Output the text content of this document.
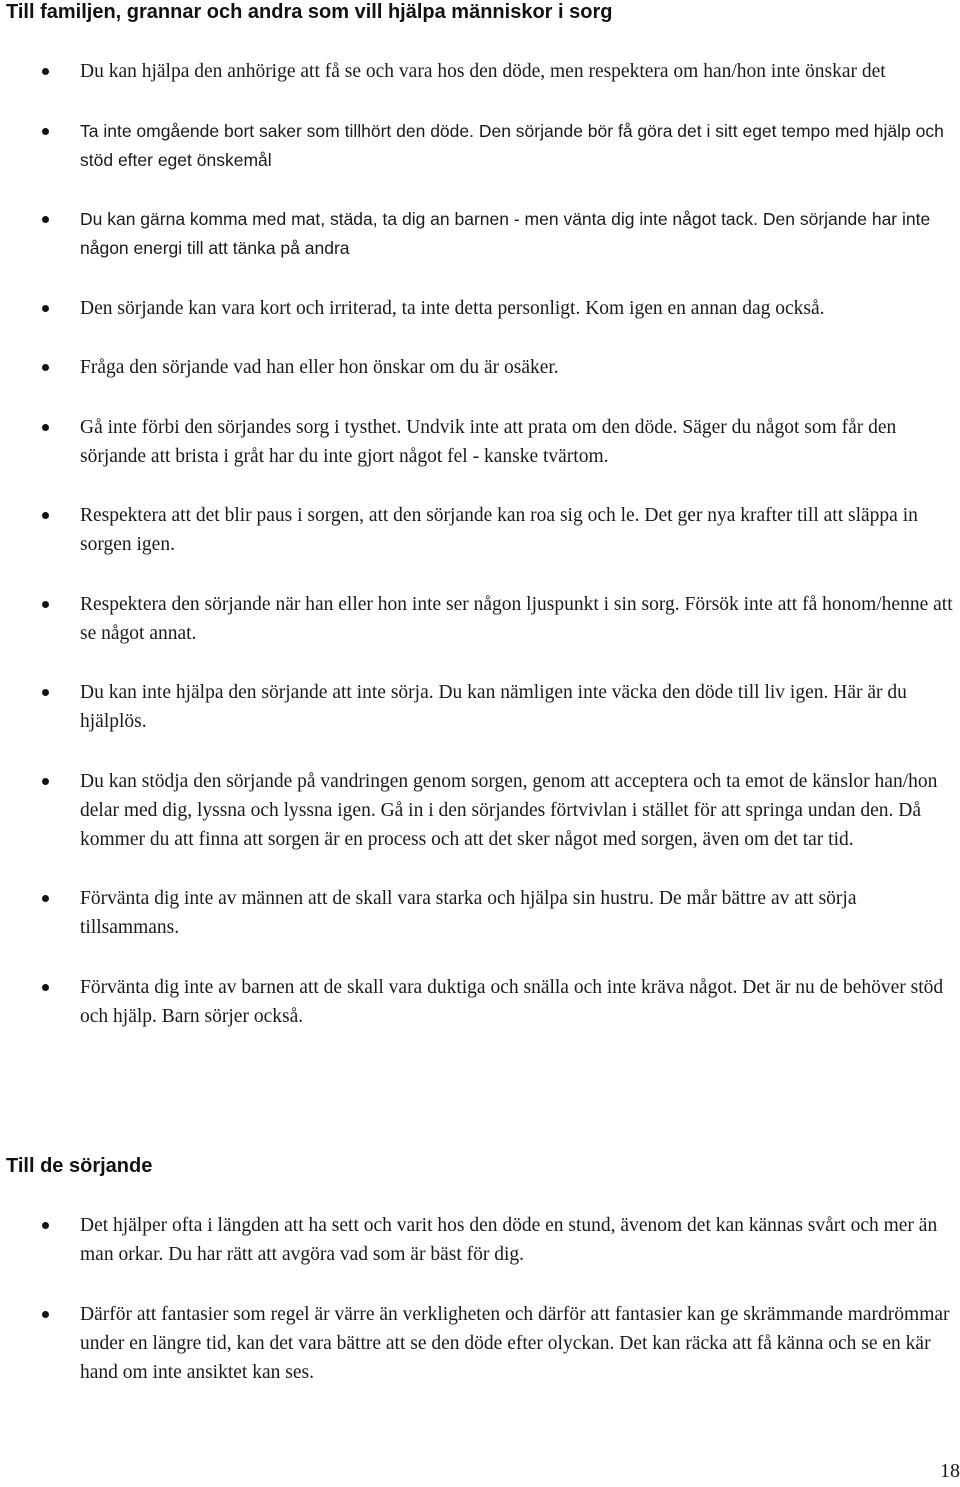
Till familjen, grannar och andra som vill hjälpa människor i sorg
Du kan hjälpa den anhörige att få se och vara hos den döde, men respektera om han/hon inte önskar det
Ta inte omgående bort saker som tillhört den döde. Den sörjande bör få göra det i sitt eget tempo med hjälp och stöd efter eget önskemål
Du kan gärna komma med mat, städa, ta dig an barnen - men vänta dig inte något tack. Den sörjande har inte någon energi till att tänka på andra
Den sörjande kan vara kort och irriterad, ta inte detta personligt. Kom igen en annan dag också.
Fråga den sörjande vad han eller hon önskar om du är osäker.
Gå inte förbi den sörjandes sorg i tysthet. Undvik inte att prata om den döde. Säger du något som får den sörjande att brista i gråt har du inte gjort något fel - kanske tvärtom.
Respektera att det blir paus i sorgen, att den sörjande kan roa sig och le. Det ger nya krafter till att släppa in sorgen igen.
Respektera den sörjande när han eller hon inte ser någon ljuspunkt i sin sorg. Försök inte att få honom/henne att se något annat.
Du kan inte hjälpa den sörjande att inte sörja. Du kan nämligen inte väcka den döde till liv igen. Här är du hjälplös.
Du kan stödja den sörjande på vandringen genom sorgen, genom att acceptera och ta emot de känslor han/hon delar med dig, lyssna och lyssna igen. Gå in i den sörjandes förtvivlan i stället för att springa undan den. Då kommer du att finna att sorgen är en process och att det sker något med sorgen, även om det tar tid.
Förvänta dig inte av männen att de skall vara starka och hjälpa sin hustru. De mår bättre av att sörja tillsammans.
Förvänta dig inte av barnen att de skall vara duktiga och snälla och inte kräva något. Det är nu de behöver stöd och hjälp. Barn sörjer också.
Till de sörjande
Det hjälper ofta i längden att ha sett och varit hos den döde en stund, ävenom det kan kännas svårt och mer än man orkar. Du har rätt att avgöra vad som är bäst för dig.
Därför att fantasier som regel är värre än verkligheten och därför att fantasier kan ge skrämmande mardrömmar under en längre tid, kan det vara bättre att se den döde efter olyckan. Det kan räcka att få känna och se en kär hand om inte ansiktet kan ses.
18
